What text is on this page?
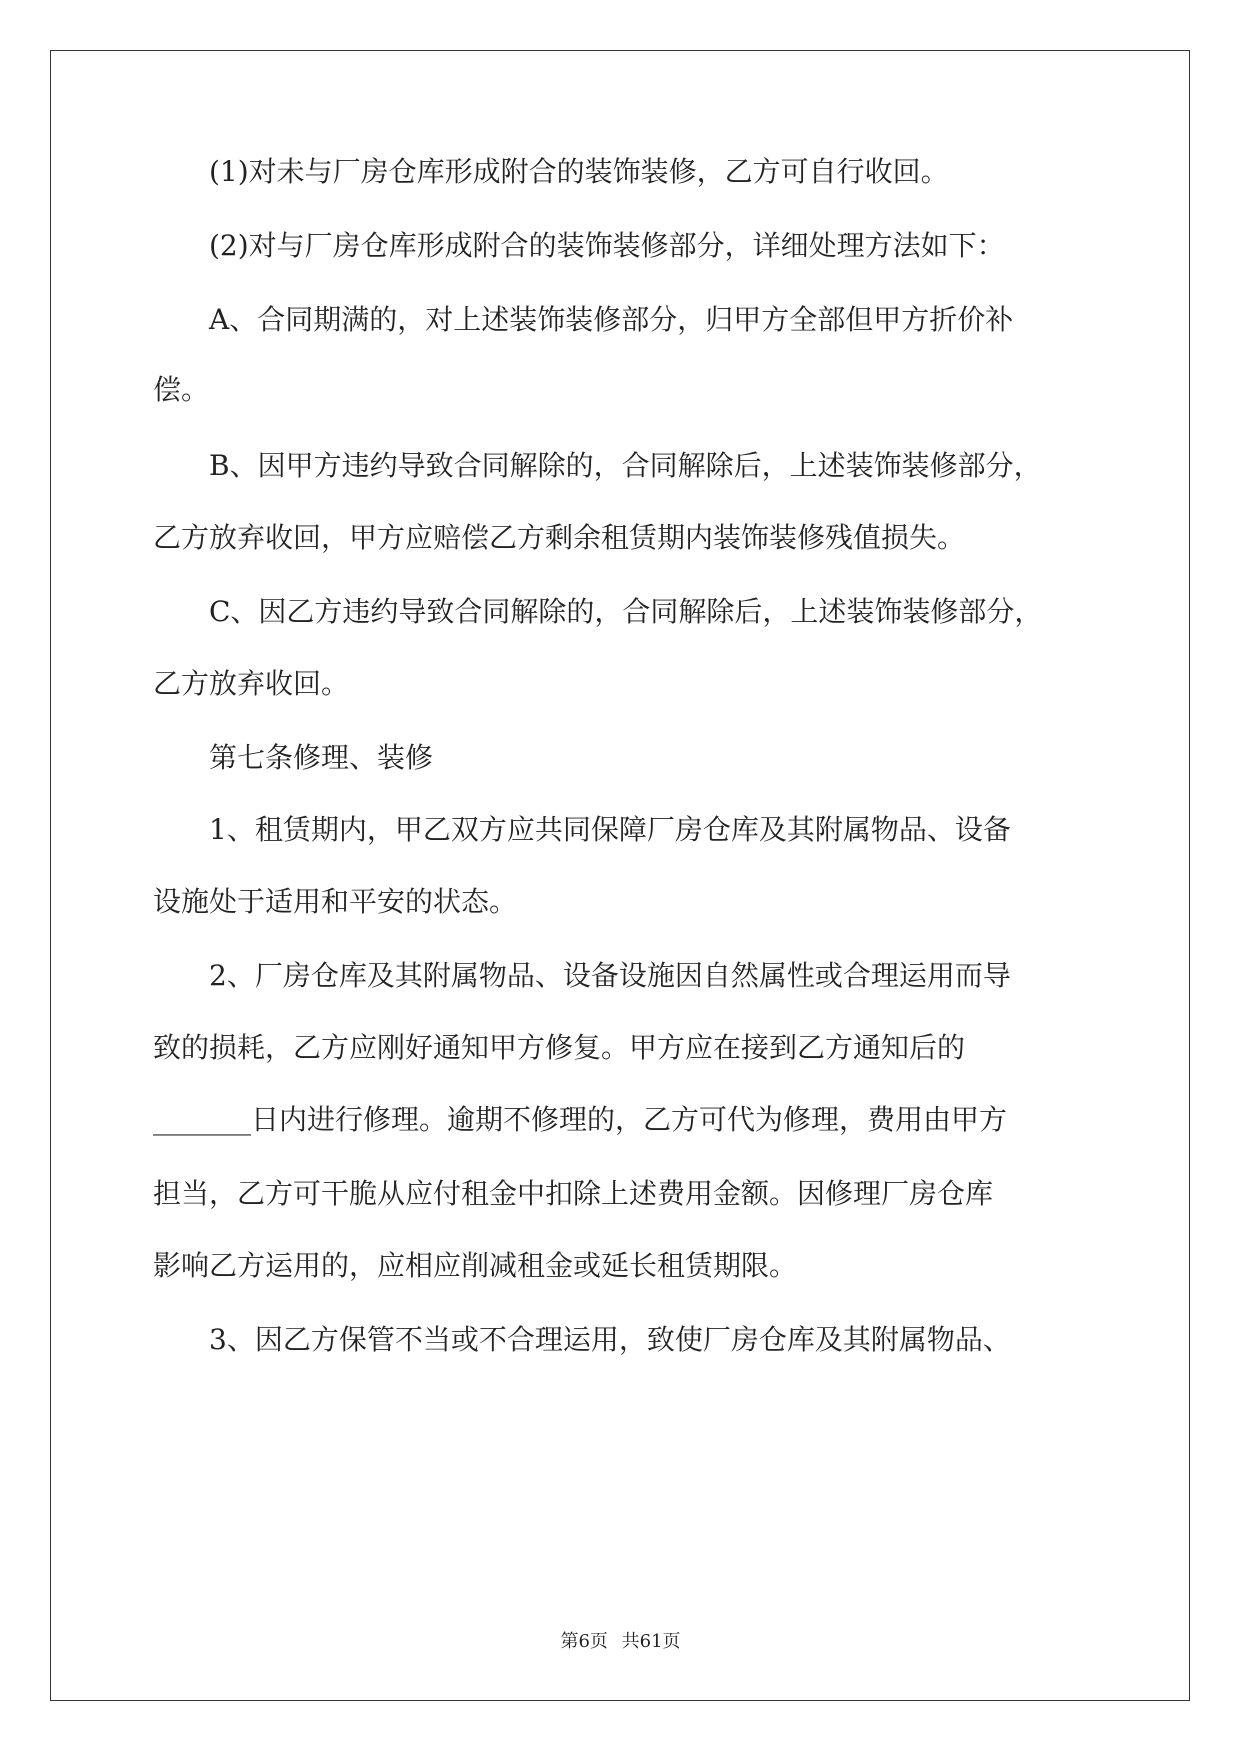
　　(1)对未与厂房仓库形成附合的装饰装修，乙方可自行收回。
　　(2)对与厂房仓库形成附合的装饰装修部分，详细处理方法如下：
　　A、合同期满的，对上述装饰装修部分，归甲方全部但甲方折价补
偿。
　　B、因甲方违约导致合同解除的，合同解除后，上述装饰装修部分，
乙方放弃收回，甲方应赔偿乙方剩余租赁期内装饰装修残值损失。
　　C、因乙方违约导致合同解除的，合同解除后，上述装饰装修部分，
乙方放弃收回。
　　第七条修理、装修
　　1、租赁期内，甲乙双方应共同保障厂房仓库及其附属物品、设备
设施处于适用和平安的状态。
　　2、厂房仓库及其附属物品、设备设施因自然属性或合理运用而导
致的损耗，乙方应刚好通知甲方修复。甲方应在接到乙方通知后的
_______日内进行修理。逾期不修理的，乙方可代为修理，费用由甲方
担当，乙方可干脆从应付租金中扣除上述费用金额。因修理厂房仓库
影响乙方运用的，应相应削减租金或延长租赁期限。
　　3、因乙方保管不当或不合理运用，致使厂房仓库及其附属物品、
第6页 共61页
